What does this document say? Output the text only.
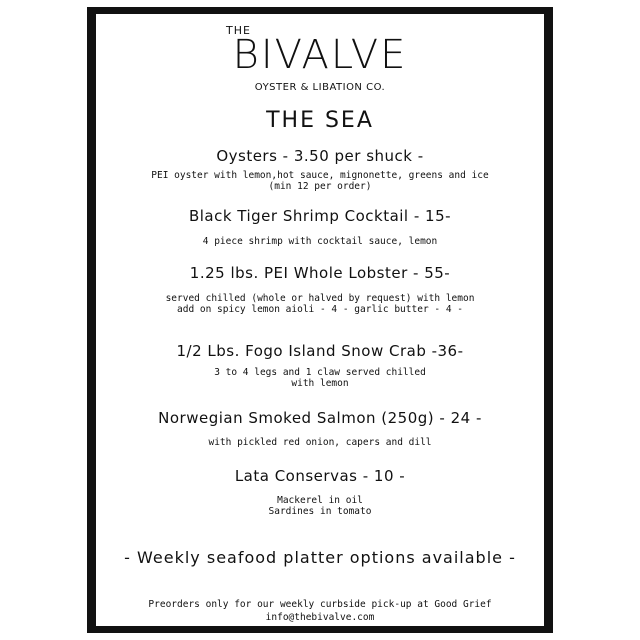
THE
BIVALVE
OYSTER & LIBATION CO.
THE SEA
Oysters - 3.50 per shuck -
PEI oyster with lemon,hot sauce, mignonette, greens and ice (min 12 per order)
Black Tiger Shrimp Cocktail - 15-
4 piece shrimp with cocktail sauce, lemon
1.25 lbs. PEI Whole Lobster - 55-
served chilled (whole or halved by request) with lemon
add on spicy lemon aioli - 4 - garlic butter - 4 -
1/2 Lbs. Fogo Island Snow Crab -36-
3 to 4 legs and 1 claw served chilled
with lemon
Norwegian Smoked Salmon (250g) - 24 -
with pickled red onion, capers and dill
Lata Conservas - 10 -
Mackerel in oil
Sardines in tomato
- Weekly seafood platter options available -
Preorders only for our weekly curbside pick-up at Good Grief
info@thebivalve.com
